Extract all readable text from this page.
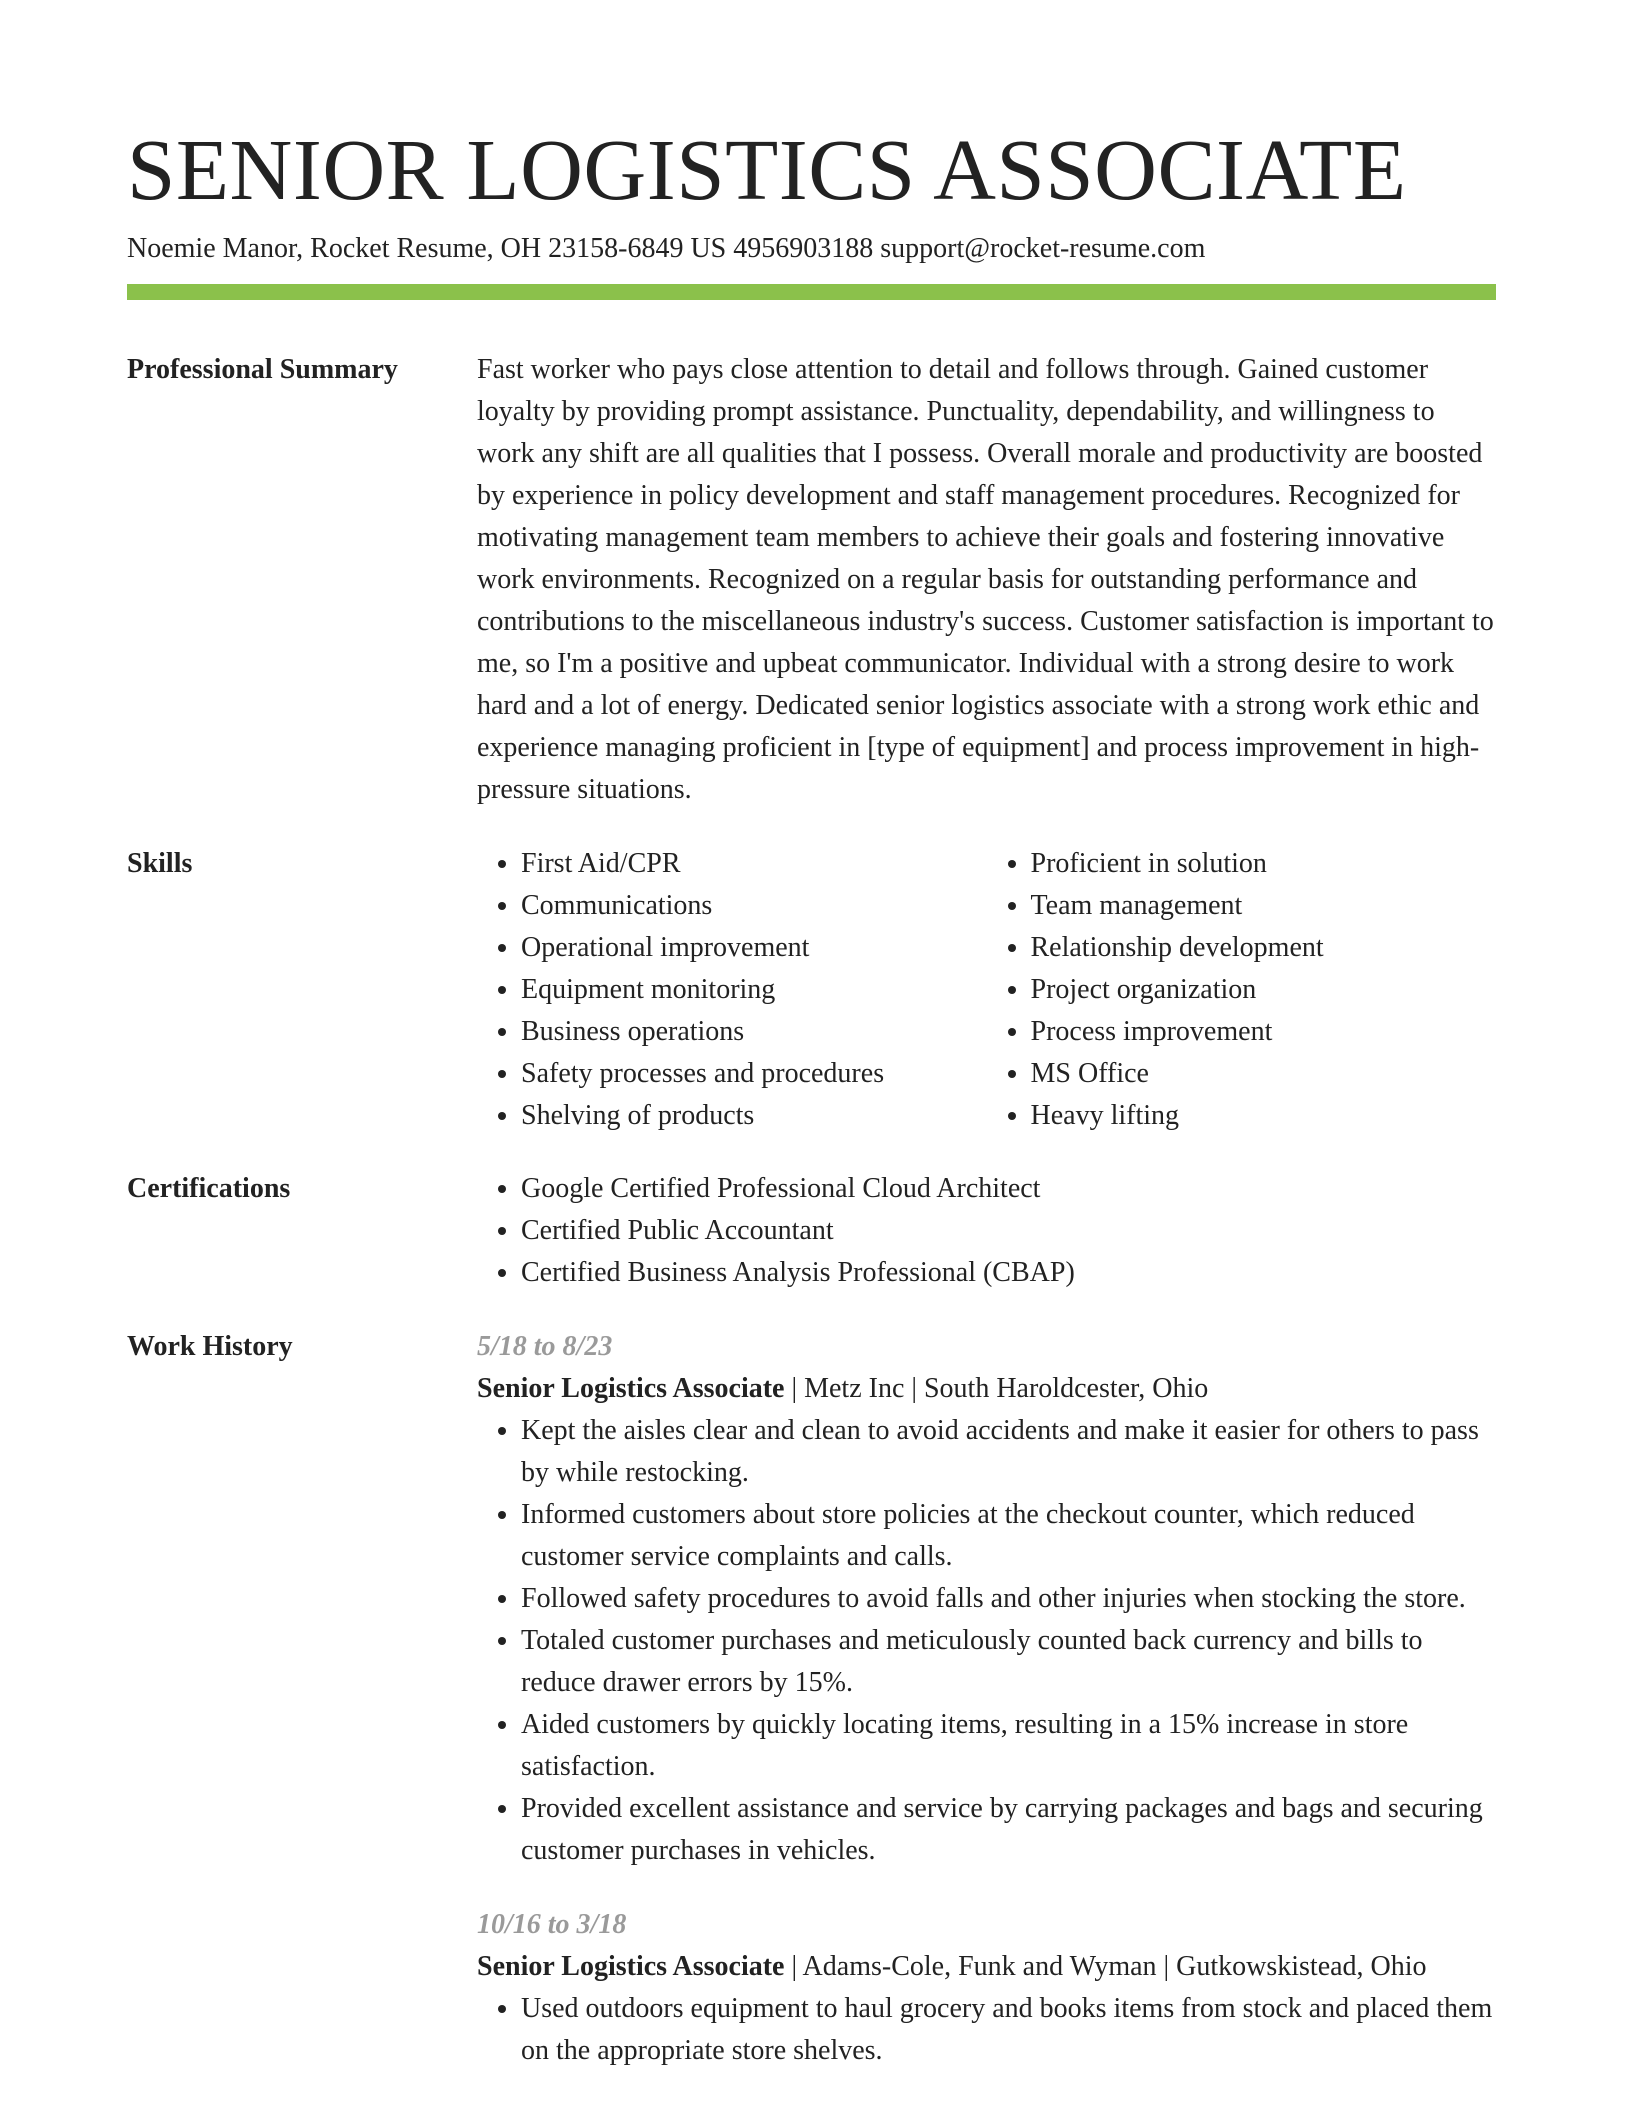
SENIOR LOGISTICS ASSOCIATE
Noemie Manor, Rocket Resume, OH 23158-6849 US 4956903188 support@rocket-resume.com
Professional Summary	Fast worker who pays close attention to detail and follows through. Gained customer loyalty by providing prompt assistance. Punctuality, dependability, and willingness to work any shift are all qualities that I possess. Overall morale and productivity are boosted by experience in policy development and staff management procedures. Recognized for motivating management team members to achieve their goals and fostering innovative work environments. Recognized on a regular basis for outstanding performance and contributions to the miscellaneous industry's success. Customer satisfaction is important to me, so I'm a positive and upbeat communicator. Individual with a strong desire to work hard and a lot of energy. Dedicated senior logistics associate with a strong work ethic and experience managing proficient in [type of equipment] and process improvement in high-pressure situations.

Skills	• First Aid/CPR
• Communications
• Operational improvement
• Equipment monitoring
• Business operations
• Safety processes and procedures
• Shelving of products
• Proficient in solution
• Team management
• Relationship development
• Project organization
• Process improvement
• MS Office
• Heavy lifting
Certifications	• Google Certified Professional Cloud Architect
• Certified Public Accountant
• Certified Business Analysis Professional (CBAP)
Work History	5/18 to 8/23

Senior Logistics Associate | Metz Inc | South Haroldcester, Ohio

• Kept the aisles clear and clean to avoid accidents and make it easier for others to pass by while restocking.
• Informed customers about store policies at the checkout counter, which reduced customer service complaints and calls.
• Followed safety procedures to avoid falls and other injuries when stocking the store.
• Totaled customer purchases and meticulously counted back currency and bills to reduce drawer errors by 15%.
• Aided customers by quickly locating items, resulting in a 15% increase in store satisfaction.
• Provided excellent assistance and service by carrying packages and bags and securing customer purchases in vehicles.

10/16 to 3/18

Senior Logistics Associate | Adams-Cole, Funk and Wyman | Gutkowskistead, Ohio

• Used outdoors equipment to haul grocery and books items from stock and placed them on the appropriate store shelves.
